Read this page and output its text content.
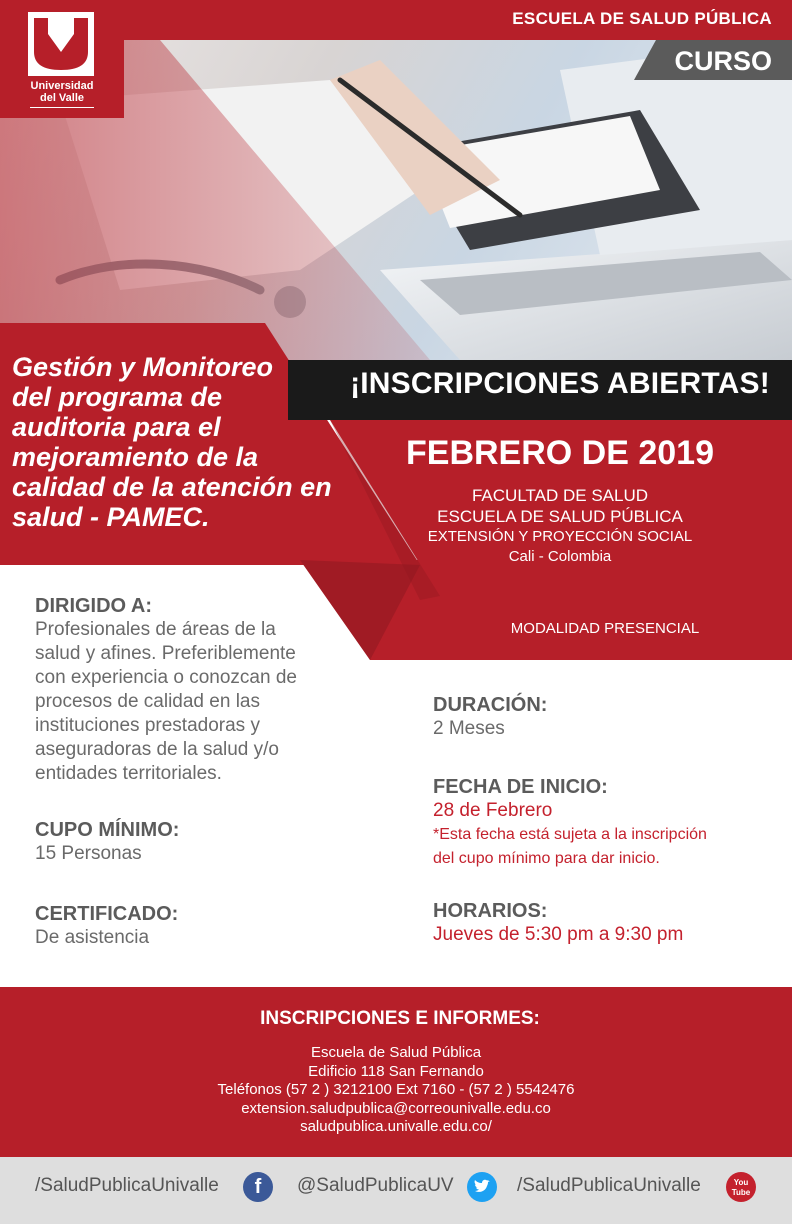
ESCUELA DE SALUD PÚBLICA
Universidad
del Valle
CURSO
¡INSCRIPCIONES ABIERTAS!
Gestión y Monitoreo
del programa de
auditoria para el
mejoramiento de la
calidad de la atención en
salud - PAMEC.
FEBRERO DE 2019
FACULTAD DE SALUD
ESCUELA DE SALUD PÚBLICA
EXTENSIÓN Y PROYECCIÓN SOCIAL
Cali - Colombia
MODALIDAD PRESENCIAL
DIRIGIDO A:
Profesionales de áreas de la
salud y afines. Preferiblemente
con experiencia o conozcan de
procesos de calidad en las
instituciones prestadoras y
aseguradoras de la salud y/o
entidades territoriales.
CUPO MÍNIMO:
15 Personas
CERTIFICADO:
De asistencia
DURACIÓN:
2 Meses
FECHA DE INICIO:
28 de Febrero
*Esta fecha está sujeta a la inscripción
del cupo mínimo para dar inicio.
HORARIOS:
Jueves de 5:30 pm a 9:30 pm
INSCRIPCIONES E INFORMES:
Escuela de Salud Pública
Edificio 118 San Fernando
Teléfonos (57 2 ) 3212100 Ext 7160 - (57 2 ) 5542476
extension.saludpublica@correounivalle.edu.co
saludpublica.univalle.edu.co/
/SaludPublicaUnivalle	f	@SaludPublicaUV	/SaludPublicaUnivalle	You Tube
